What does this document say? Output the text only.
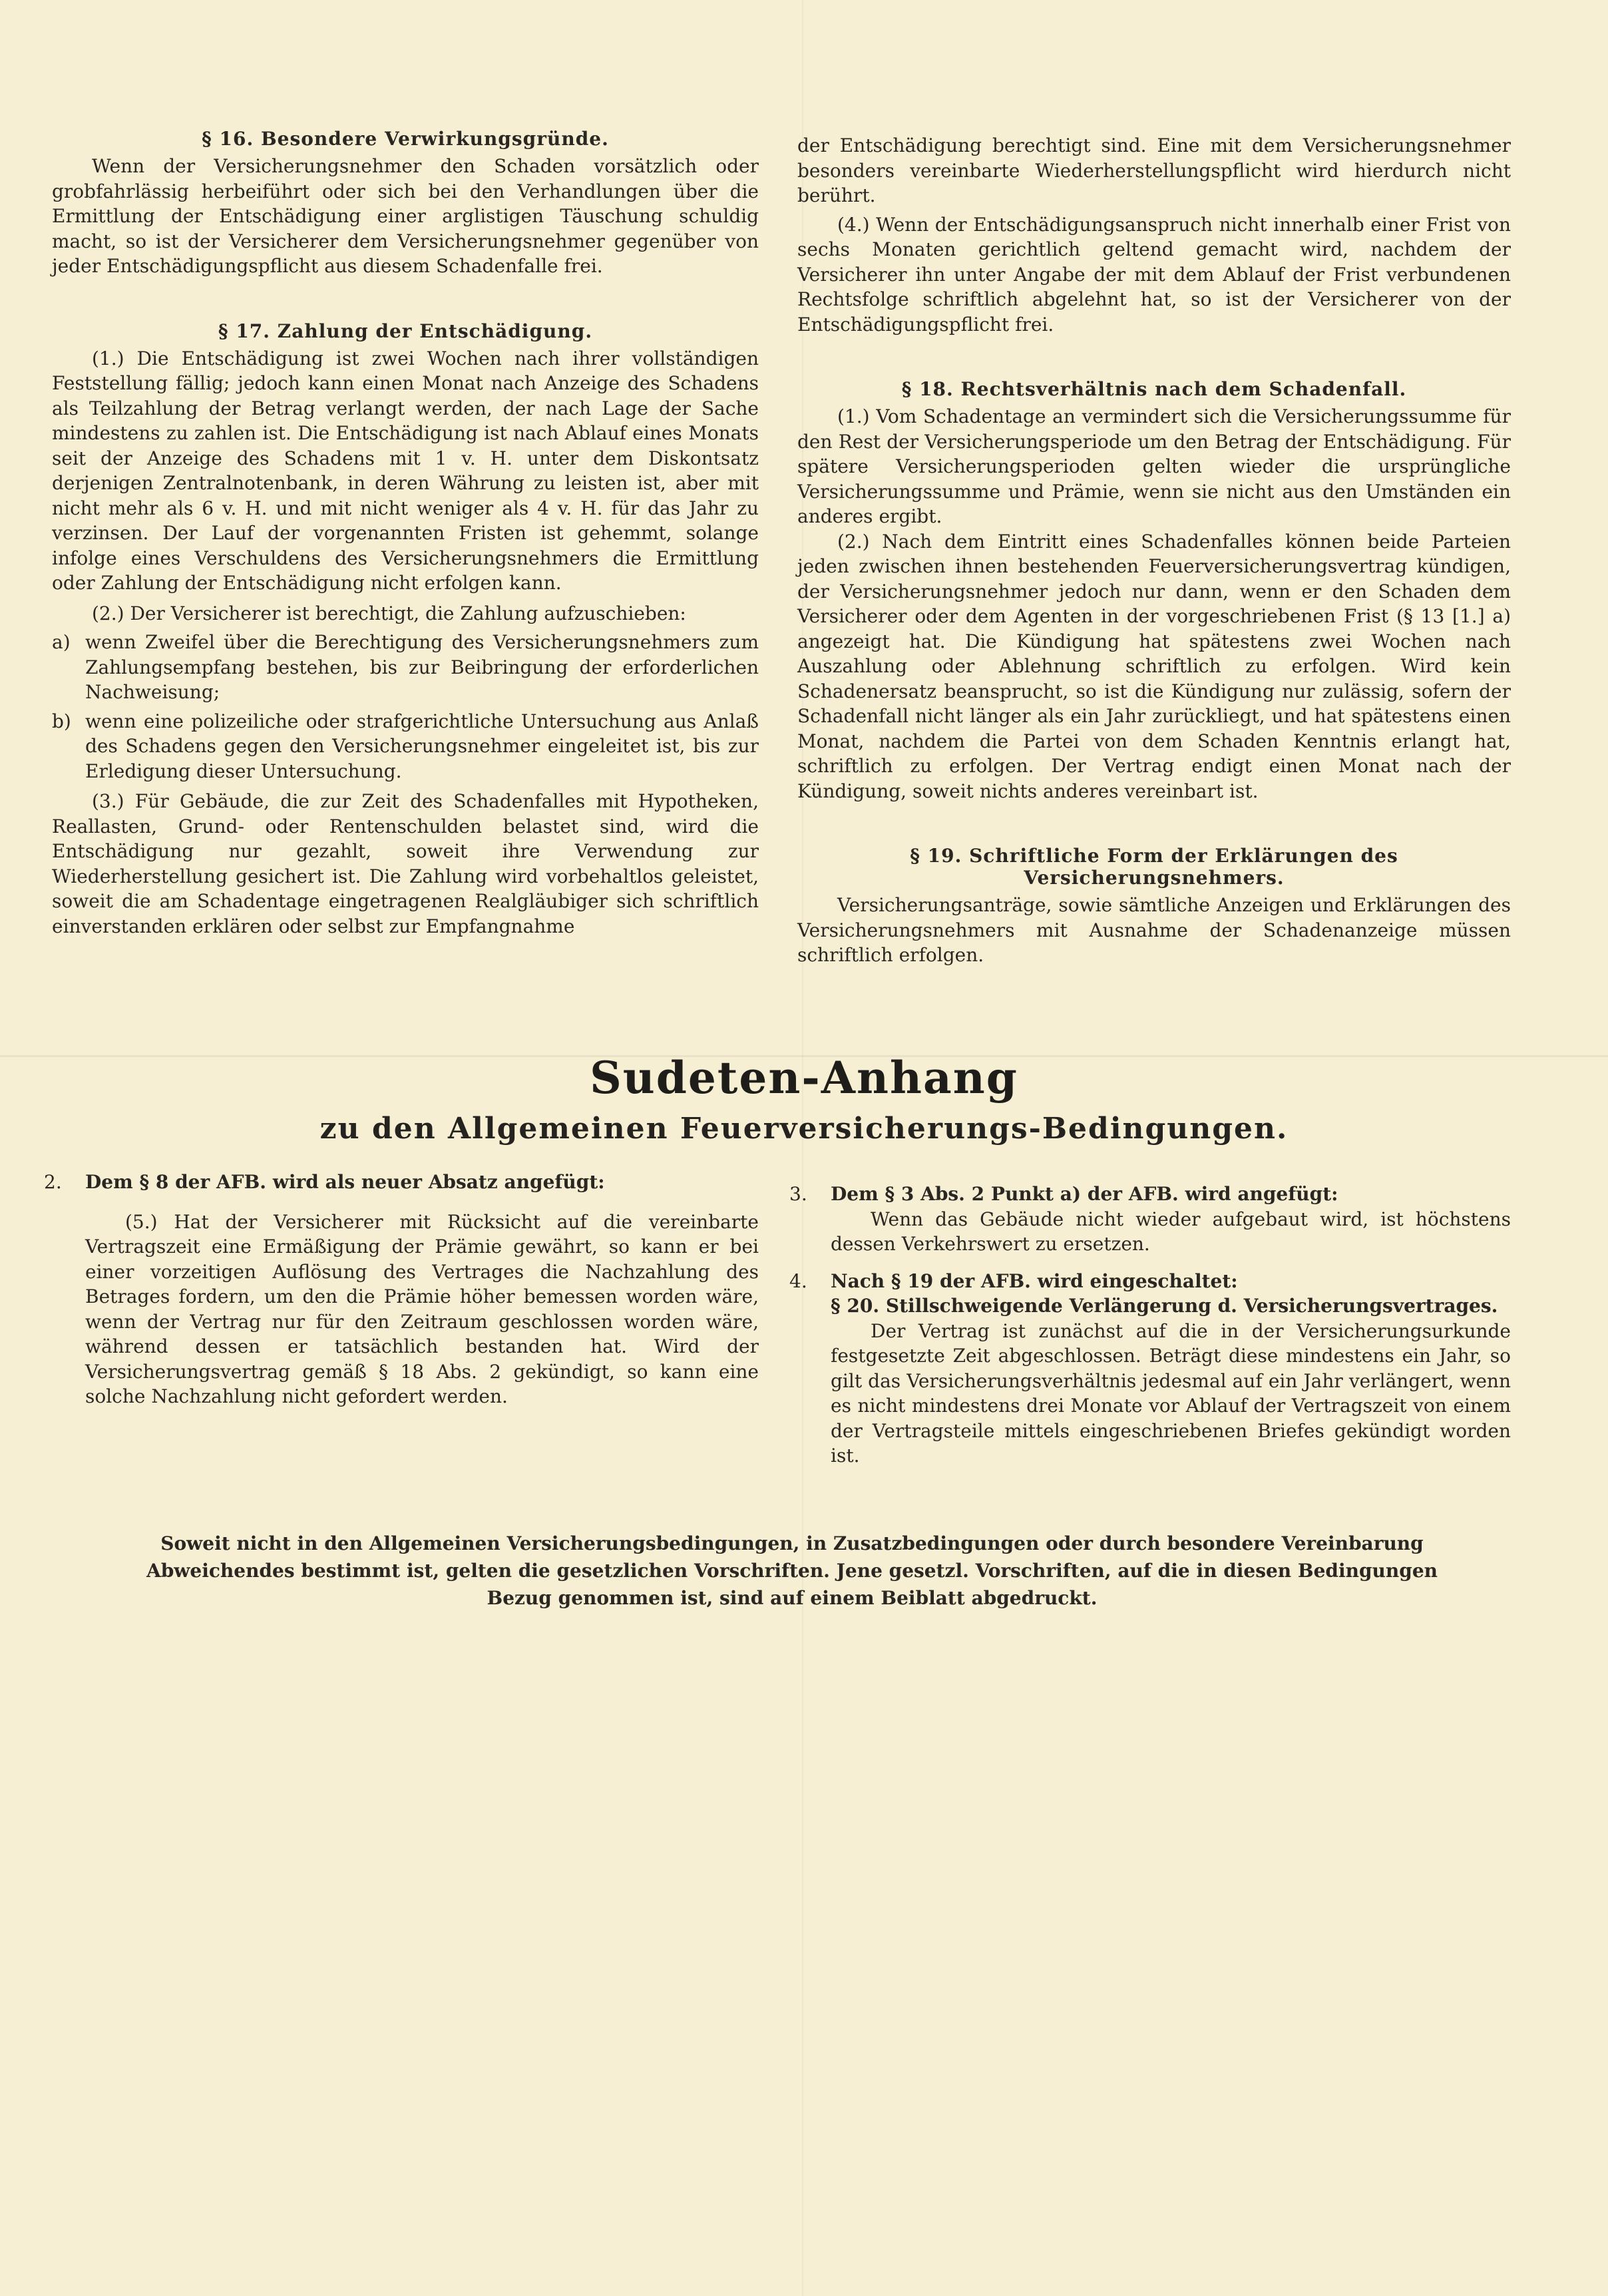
§ 16. Besondere Verwirkungsgründe.

Wenn der Versicherungsnehmer den Schaden vorsätzlich oder grobfahrlässig herbeiführt oder sich bei den Verhandlungen über die Ermittlung der Entschädigung einer arglistigen Täuschung schuldig macht, so ist der Versicherer dem Versicherungsnehmer gegenüber von jeder Entschädigungspflicht aus diesem Schadenfalle frei.

§ 17. Zahlung der Entschädigung.

(1.) Die Entschädigung ist zwei Wochen nach ihrer vollständigen Feststellung fällig; jedoch kann einen Monat nach Anzeige des Schadens als Teilzahlung der Betrag verlangt werden, der nach Lage der Sache mindestens zu zahlen ist. Die Entschädigung ist nach Ablauf eines Monats seit der Anzeige des Schadens mit 1 v. H. unter dem Diskontsatz derjenigen Zentralnotenbank, in deren Währung zu leisten ist, aber mit nicht mehr als 6 v. H. und mit nicht weniger als 4 v. H. für das Jahr zu verzinsen. Der Lauf der vorgenannten Fristen ist gehemmt, solange infolge eines Verschuldens des Versicherungsnehmers die Ermittlung oder Zahlung der Entschädigung nicht erfolgen kann.

(2.) Der Versicherer ist berechtigt, die Zahlung aufzuschieben:

a) wenn Zweifel über die Berechtigung des Versicherungsnehmers zum Zahlungsempfang bestehen, bis zur Beibringung der erforderlichen Nachweisung;
b) wenn eine polizeiliche oder strafgerichtliche Untersuchung aus Anlaß des Schadens gegen den Versicherungsnehmer eingeleitet ist, bis zur Erledigung dieser Untersuchung.

(3.) Für Gebäude, die zur Zeit des Schadenfalles mit Hypotheken, Reallasten, Grund- oder Rentenschulden belastet sind, wird die Entschädigung nur gezahlt, soweit ihre Verwendung zur Wiederherstellung gesichert ist. Die Zahlung wird vorbehaltlos geleistet, soweit die am Schadentage eingetragenen Realgläubiger sich schriftlich einverstanden erklären oder selbst zur Empfangnahme

der Entschädigung berechtigt sind. Eine mit dem Versicherungsnehmer besonders vereinbarte Wiederherstellungspflicht wird hierdurch nicht berührt.

(4.) Wenn der Entschädigungsanspruch nicht innerhalb einer Frist von sechs Monaten gerichtlich geltend gemacht wird, nachdem der Versicherer ihn unter Angabe der mit dem Ablauf der Frist verbundenen Rechtsfolge schriftlich abgelehnt hat, so ist der Versicherer von der Entschädigungspflicht frei.

§ 18. Rechtsverhältnis nach dem Schadenfall.

(1.) Vom Schadentage an vermindert sich die Versicherungssumme für den Rest der Versicherungsperiode um den Betrag der Entschädigung. Für spätere Versicherungsperioden gelten wieder die ursprüngliche Versicherungssumme und Prämie, wenn sie nicht aus den Umständen ein anderes ergibt.

(2.) Nach dem Eintritt eines Schadenfalles können beide Parteien jeden zwischen ihnen bestehenden Feuerversicherungsvertrag kündigen, der Versicherungsnehmer jedoch nur dann, wenn er den Schaden dem Versicherer oder dem Agenten in der vorgeschriebenen Frist (§ 13 [1.] a) angezeigt hat. Die Kündigung hat spätestens zwei Wochen nach Auszahlung oder Ablehnung schriftlich zu erfolgen. Wird kein Schadenersatz beansprucht, so ist die Kündigung nur zulässig, sofern der Schadenfall nicht länger als ein Jahr zurückliegt, und hat spätestens einen Monat, nachdem die Partei von dem Schaden Kenntnis erlangt hat, schriftlich zu erfolgen. Der Vertrag endigt einen Monat nach der Kündigung, soweit nichts anderes vereinbart ist.

§ 19. Schriftliche Form der Erklärungen des

Versicherungsnehmers.

Versicherungsanträge, sowie sämtliche Anzeigen und Erklärungen des Versicherungsnehmers mit Ausnahme der Schadenanzeige müssen schriftlich erfolgen.

Sudeten-Anhang
zu den Allgemeinen Feuerversicherungs-Bedingungen.
2.	Dem § 8 der AFB. wird als neuer Absatz angefügt:

(5.) Hat der Versicherer mit Rücksicht auf die vereinbarte Vertragszeit eine Ermäßigung der Prämie gewährt, so kann er bei einer vorzeitigen Auflösung des Vertrages die Nachzahlung des Betrages fordern, um den die Prämie höher bemessen worden wäre, wenn der Vertrag nur für den Zeitraum geschlossen worden wäre, während dessen er tatsächlich bestanden hat. Wird der Versicherungsvertrag gemäß § 18 Abs. 2 gekündigt, so kann eine solche Nachzahlung nicht gefordert werden.

3.	Dem § 3 Abs. 2 Punkt a) der AFB. wird angefügt:

Wenn das Gebäude nicht wieder aufgebaut wird, ist höchstens dessen Verkehrswert zu ersetzen.

4.	Nach § 19 der AFB. wird eingeschaltet:

§ 20. Stillschweigende Verlängerung d. Versicherungsvertrages.

Der Vertrag ist zunächst auf die in der Versicherungsurkunde festgesetzte Zeit abgeschlossen. Beträgt diese mindestens ein Jahr, so gilt das Versicherungsverhältnis jedesmal auf ein Jahr verlängert, wenn es nicht mindestens drei Monate vor Ablauf der Vertragszeit von einem der Vertragsteile mittels eingeschriebenen Briefes gekündigt worden ist.

Soweit nicht in den Allgemeinen Versicherungsbedingungen, in Zusatzbedingungen oder durch besondere Vereinbarung
Abweichendes bestimmt ist, gelten die gesetzlichen Vorschriften. Jene gesetzl. Vorschriften, auf die in diesen Bedingungen
Bezug genommen ist, sind auf einem Beiblatt abgedruckt.
